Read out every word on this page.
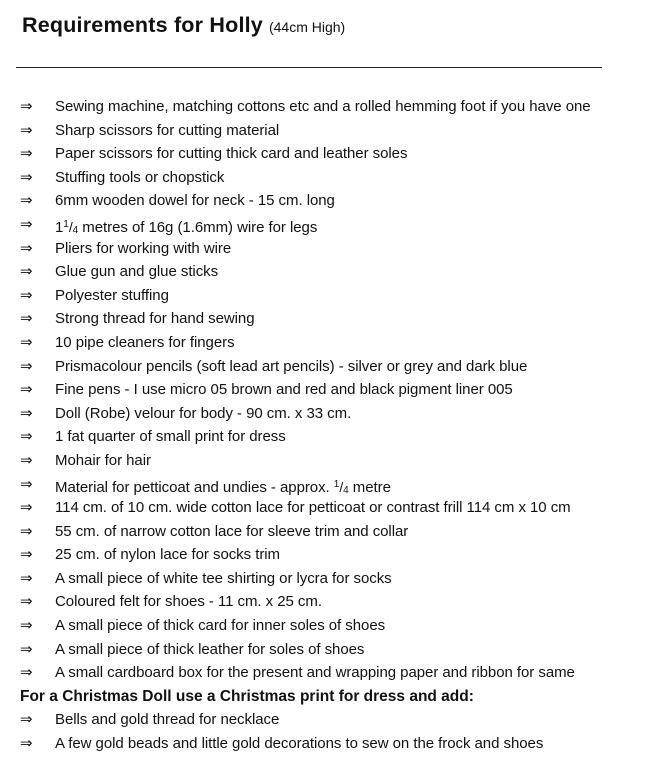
Requirements for Holly (44cm High)
⇒	Sewing machine, matching cottons etc and a rolled hemming foot if you have one
⇒	Sharp scissors for cutting material
⇒	Paper scissors for cutting thick card and leather soles
⇒	Stuffing tools or chopstick
⇒	6mm wooden dowel for neck - 15 cm. long
⇒	$1^1/4$ metres of 16g (1.6mm) wire for legs
⇒	Pliers for working with wire
⇒	Glue gun and glue sticks
⇒	Polyester stuffing
⇒	Strong thread for hand sewing
⇒	10 pipe cleaners for fingers
⇒	Prismacolour pencils (soft lead art pencils) - silver or grey and dark blue
⇒	Fine pens - I use micro 05 brown and red and black pigment liner 005
⇒	Doll (Robe) velour for body - 90 cm. x 33 cm.
⇒	1 fat quarter of small print for dress
⇒	Mohair for hair
⇒	Material for petticoat and undies - approx. $^1$/4 metre
⇒	114 cm. of 10 cm. wide cotton lace for petticoat or contrast frill 114 cm x 10 cm
⇒	55 cm. of narrow cotton lace for sleeve trim and collar
⇒	25 cm. of nylon lace for socks trim
⇒	A small piece of white tee shirting or lycra for socks
⇒	Coloured felt for shoes - 11 cm. x 25 cm.
⇒	A small piece of thick card for inner soles of shoes
⇒	A small piece of thick leather for soles of shoes
⇒	A small cardboard box for the present and wrapping paper and ribbon for same
For a Christmas Doll use a Christmas print for dress and add:
⇒	Bells and gold thread for necklace
⇒	A few gold beads and little gold decorations to sew on the frock and shoes
